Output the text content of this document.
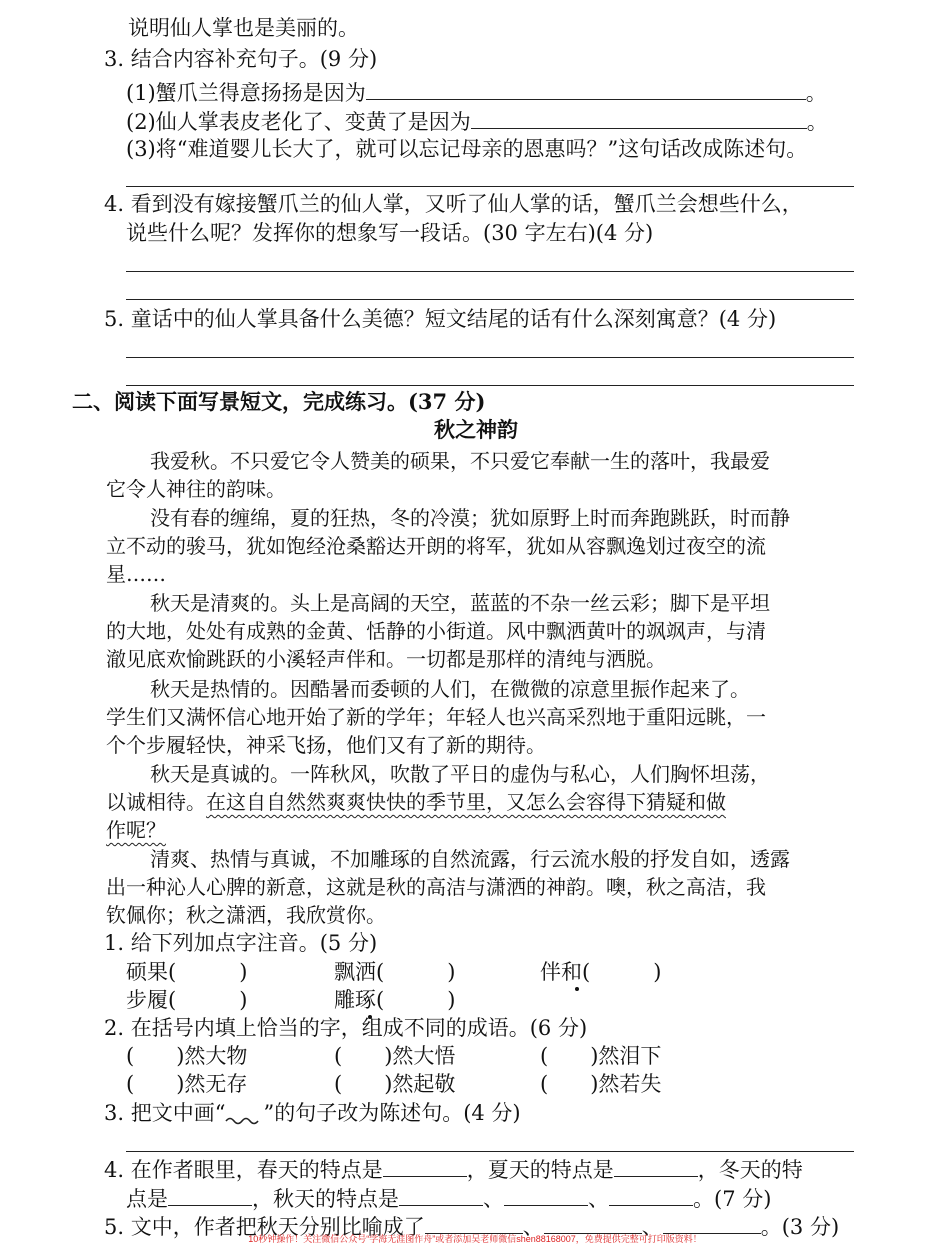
说明仙人掌也是美丽的。
3. 结合内容补充句子。(9 分)
(1)蟹爪兰得意扬扬是因为	。
(2)仙人掌表皮老化了、变黄了是因为	。
(3)将“难道婴儿长大了，就可以忘记母亲的恩惠吗？”这句话改成陈述句。
4. 看到没有嫁接蟹爪兰的仙人掌，又听了仙人掌的话，蟹爪兰会想些什么，
说些什么呢？发挥你的想象写一段话。(30 字左右)(4 分)
5. 童话中的仙人掌具备什么美德？短文结尾的话有什么深刻寓意？(4 分)
二、阅读下面写景短文，完成练习。(37 分)
秋之神韵
我爱秋。不只爱它令人赞美的硕果，不只爱它奉献一生的落叶，我最爱
它令人神往的韵味。
没有春的缠绵，夏的狂热，冬的冷漠；犹如原野上时而奔跑跳跃，时而静
立不动的骏马，犹如饱经沧桑豁达开朗的将军，犹如从容飘逸划过夜空的流
星……
秋天是清爽的。头上是高阔的天空，蓝蓝的不杂一丝云彩；脚下是平坦
的大地，处处有成熟的金黄、恬静的小街道。风中飘洒黄叶的飒飒声，与清
澈见底欢愉跳跃的小溪轻声伴和。一切都是那样的清纯与洒脱。
秋天是热情的。因酷暑而委顿的人们，在微微的凉意里振作起来了。
学生们又满怀信心地开始了新的学年；年轻人也兴高采烈地于重阳远眺，一
个个步履轻快，神采飞扬，他们又有了新的期待。
秋天是真诚的。一阵秋风，吹散了平日的虚伪与私心，人们胸怀坦荡，
以诚相待。在这自自然然爽爽快快的季节里，又怎么会容得下猜疑和做
作呢？
清爽、热情与真诚，不加雕琢的自然流露，行云流水般的抒发自如，透露
出一种沁人心脾的新意，这就是秋的高洁与潇洒的神韵。噢，秋之高洁，我
钦佩你；秋之潇洒，我欣赏你。
1. 给下列加点字注音。(5 分)
硕果(　　　)	飘洒(　　　)	伴和(　　　)
步履(　　　)	雕琢(　　　)
2. 在括号内填上恰当的字，组成不同的成语。(6 分)
(　　)然大物	(　　)然大悟	(　　)然泪下
(　　)然无存	(　　)然起敬	(　　)然若失
3. 把文中画“ ”的句子改为陈述句。(4 分)
4. 在作者眼里，春天的特点是	，夏天的特点是	，冬天的特
点是	，秋天的特点是	、	、	。(7 分)
5. 文中，作者把秋天分别比喻成了	、	、	。(3 分)
10秒钟操作！关注微信公众号“学海无涯图作舟”或者添加吴老师微信shen88168007，免费提供完整可打印版资料！
